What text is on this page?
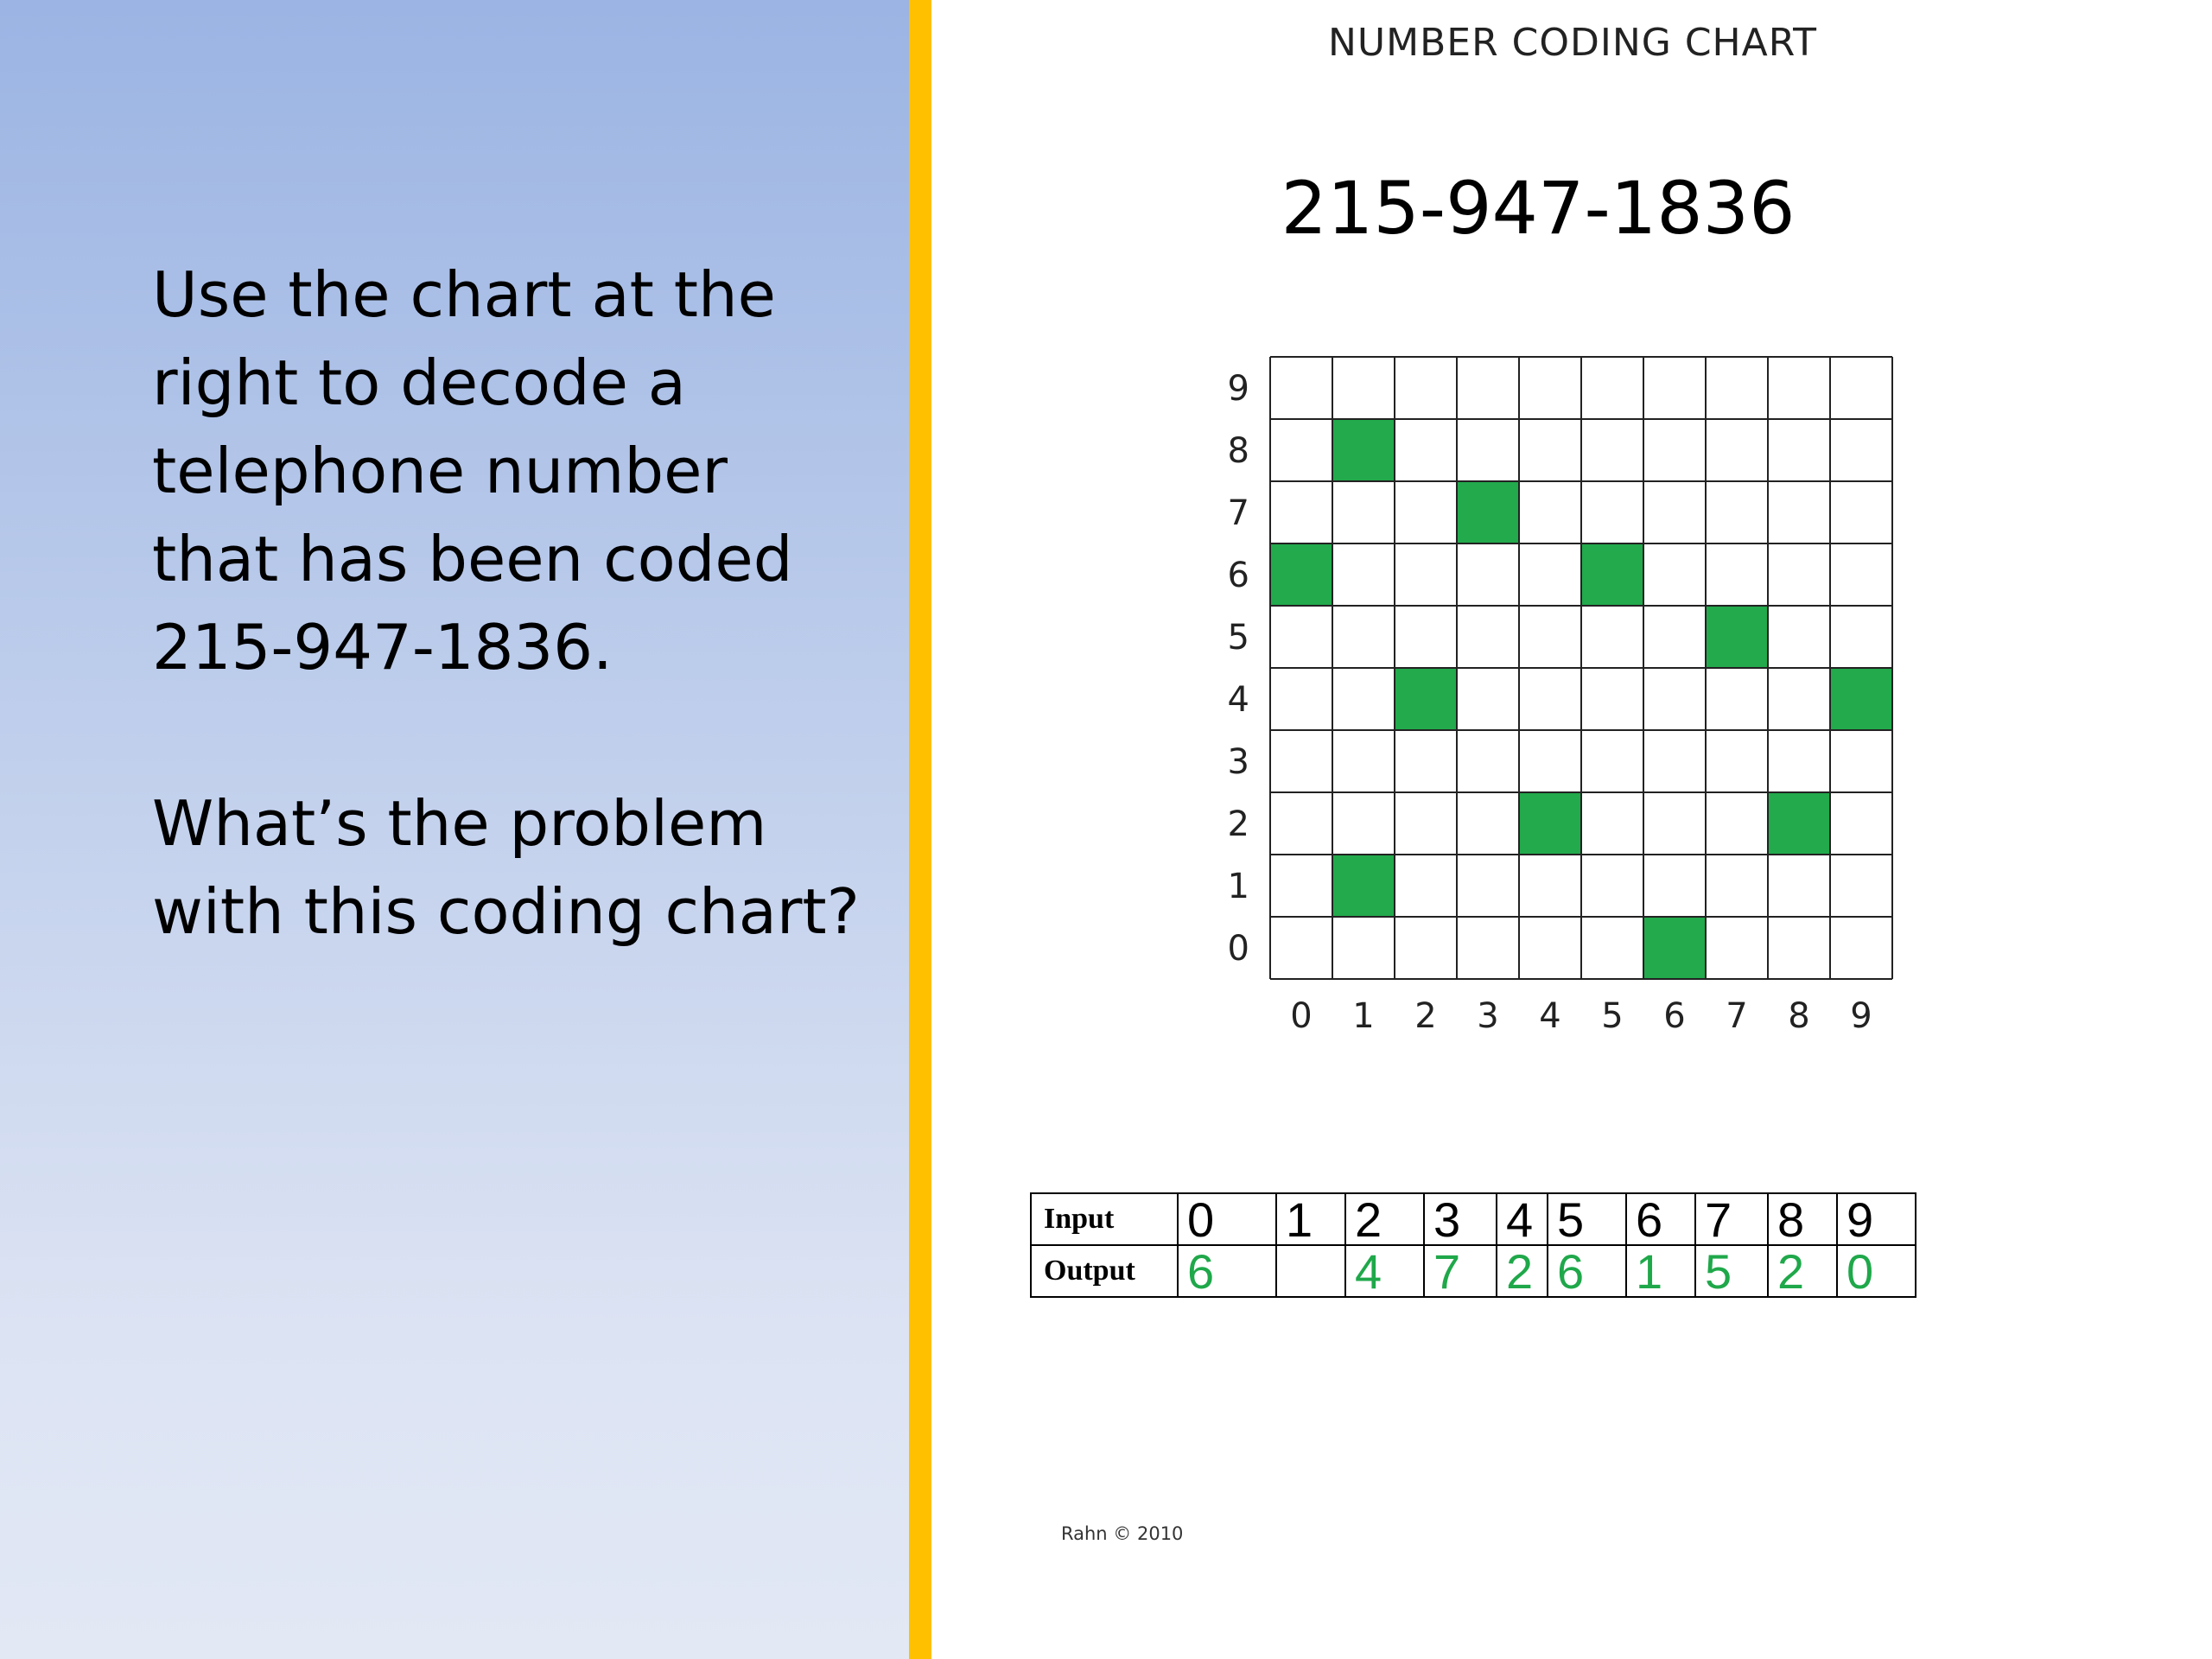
Use the chart at the right to decode a telephone number that has been coded 215-947-1836.

What’s the problem with this coding chart?

NUMBER CODING CHART
215-947-1836
0
1
2
3
4
5
6
7
8
9
0 1 2 3 4 5 6 7 8 9
Input	0	1	2	3	4	5	6	7	8	9
Output	6		4	7	2	6	1	5	2	0
Rahn © 2010
